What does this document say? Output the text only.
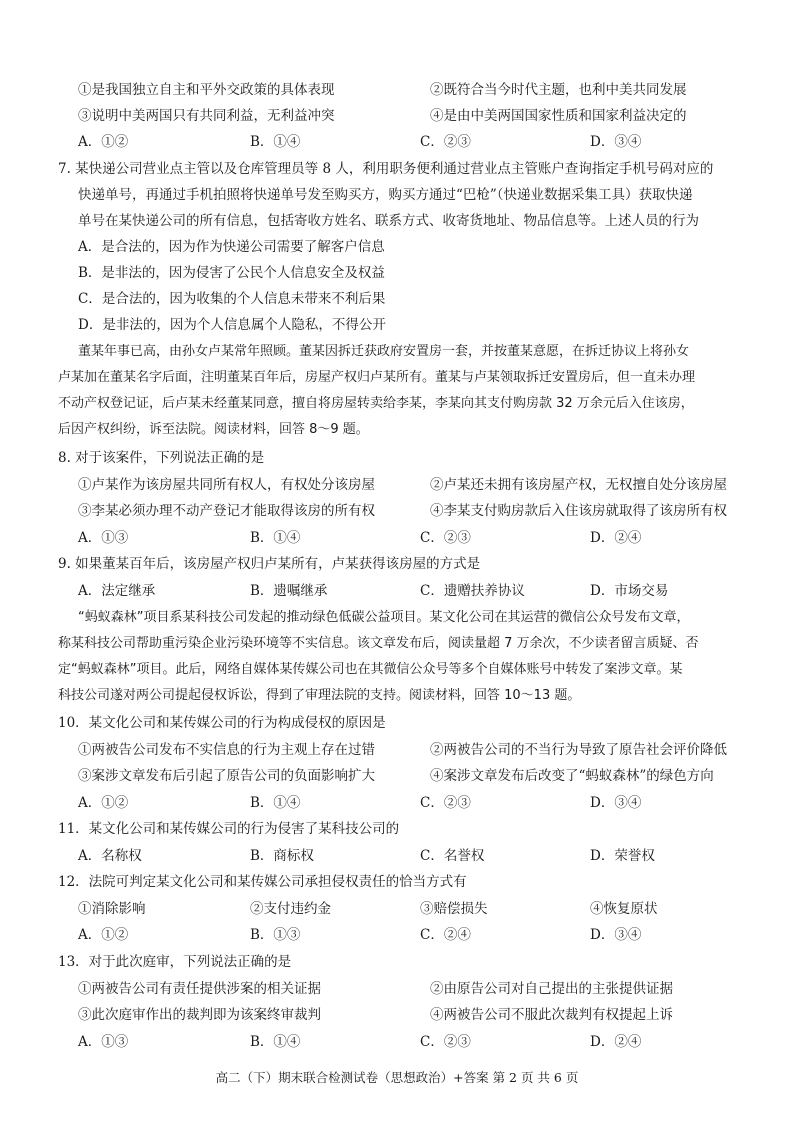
①是我国独立自主和平外交政策的具体表现	②既符合当今时代主题，也利中美共同发展
③说明中美两国只有共同利益，无利益冲突	④是由中美两国国家性质和国家利益决定的
A．①②	B．①④	C．②③	D．③④
7. 某快递公司营业点主管以及仓库管理员等 8 人，利用职务便利通过营业点主管账户查询指定手机号码对应的
快递单号，再通过手机拍照将快递单号发至购买方，购买方通过“巴枪”（快递业数据采集工具）获取快递
单号在某快递公司的所有信息，包括寄收方姓名、联系方式、收寄货地址、物品信息等。上述人员的行为
A．是合法的，因为作为快递公司需要了解客户信息
B．是非法的，因为侵害了公民个人信息安全及权益
C．是合法的，因为收集的个人信息未带来不利后果
D．是非法的，因为个人信息属个人隐私，不得公开
董某年事已高，由孙女卢某常年照顾。董某因拆迁获政府安置房一套，并按董某意愿，在拆迁协议上将孙女
卢某加在董某名字后面，注明董某百年后，房屋产权归卢某所有。董某与卢某领取拆迁安置房后，但一直未办理
不动产权登记证，后卢某未经董某同意，擅自将房屋转卖给李某，李某向其支付购房款 32 万余元后入住该房，
后因产权纠纷，诉至法院。阅读材料，回答 8～9 题。
8. 对于该案件，下列说法正确的是
①卢某作为该房屋共同所有权人，有权处分该房屋	②卢某还未拥有该房屋产权，无权擅自处分该房屋
③李某必须办理不动产登记才能取得该房的所有权	④李某支付购房款后入住该房就取得了该房所有权
A．①③	B．①④	C．②③	D．②④
9. 如果董某百年后，该房屋产权归卢某所有，卢某获得该房屋的方式是
A．法定继承	B．遗嘱继承	C．遗赠扶养协议	D．市场交易
“蚂蚁森林”项目系某科技公司发起的推动绿色低碳公益项目。某文化公司在其运营的微信公众号发布文章，
称某科技公司帮助重污染企业污染环境等不实信息。该文章发布后，阅读量超 7 万余次，不少读者留言质疑、否
定“蚂蚁森林”项目。此后，网络自媒体某传媒公司也在其微信公众号等多个自媒体账号中转发了案涉文章。某
科技公司遂对两公司提起侵权诉讼，得到了审理法院的支持。阅读材料，回答 10～13 题。
10．某文化公司和某传媒公司的行为构成侵权的原因是
①两被告公司发布不实信息的行为主观上存在过错	②两被告公司的不当行为导致了原告社会评价降低
③案涉文章发布后引起了原告公司的负面影响扩大	④案涉文章发布后改变了“蚂蚁森林”的绿色方向
A．①②	B．①④	C．②③	D．③④
11．某文化公司和某传媒公司的行为侵害了某科技公司的
A．名称权	B．商标权	C．名誉权	D．荣誉权
12．法院可判定某文化公司和某传媒公司承担侵权责任的恰当方式有
①消除影响	②支付违约金	③赔偿损失	④恢复原状
A．①②	B．①③	C．②④	D．③④
13．对于此次庭审，下列说法正确的是
①两被告公司有责任提供涉案的相关证据	②由原告公司对自己提出的主张提供证据
③此次庭审作出的裁判即为该案终审裁判	④两被告公司不服此次裁判有权提起上诉
A．①③	B．①④	C．②③	D．②④
高二（下）期末联合检测试卷（思想政治）+答案 第 2 页 共 6 页
